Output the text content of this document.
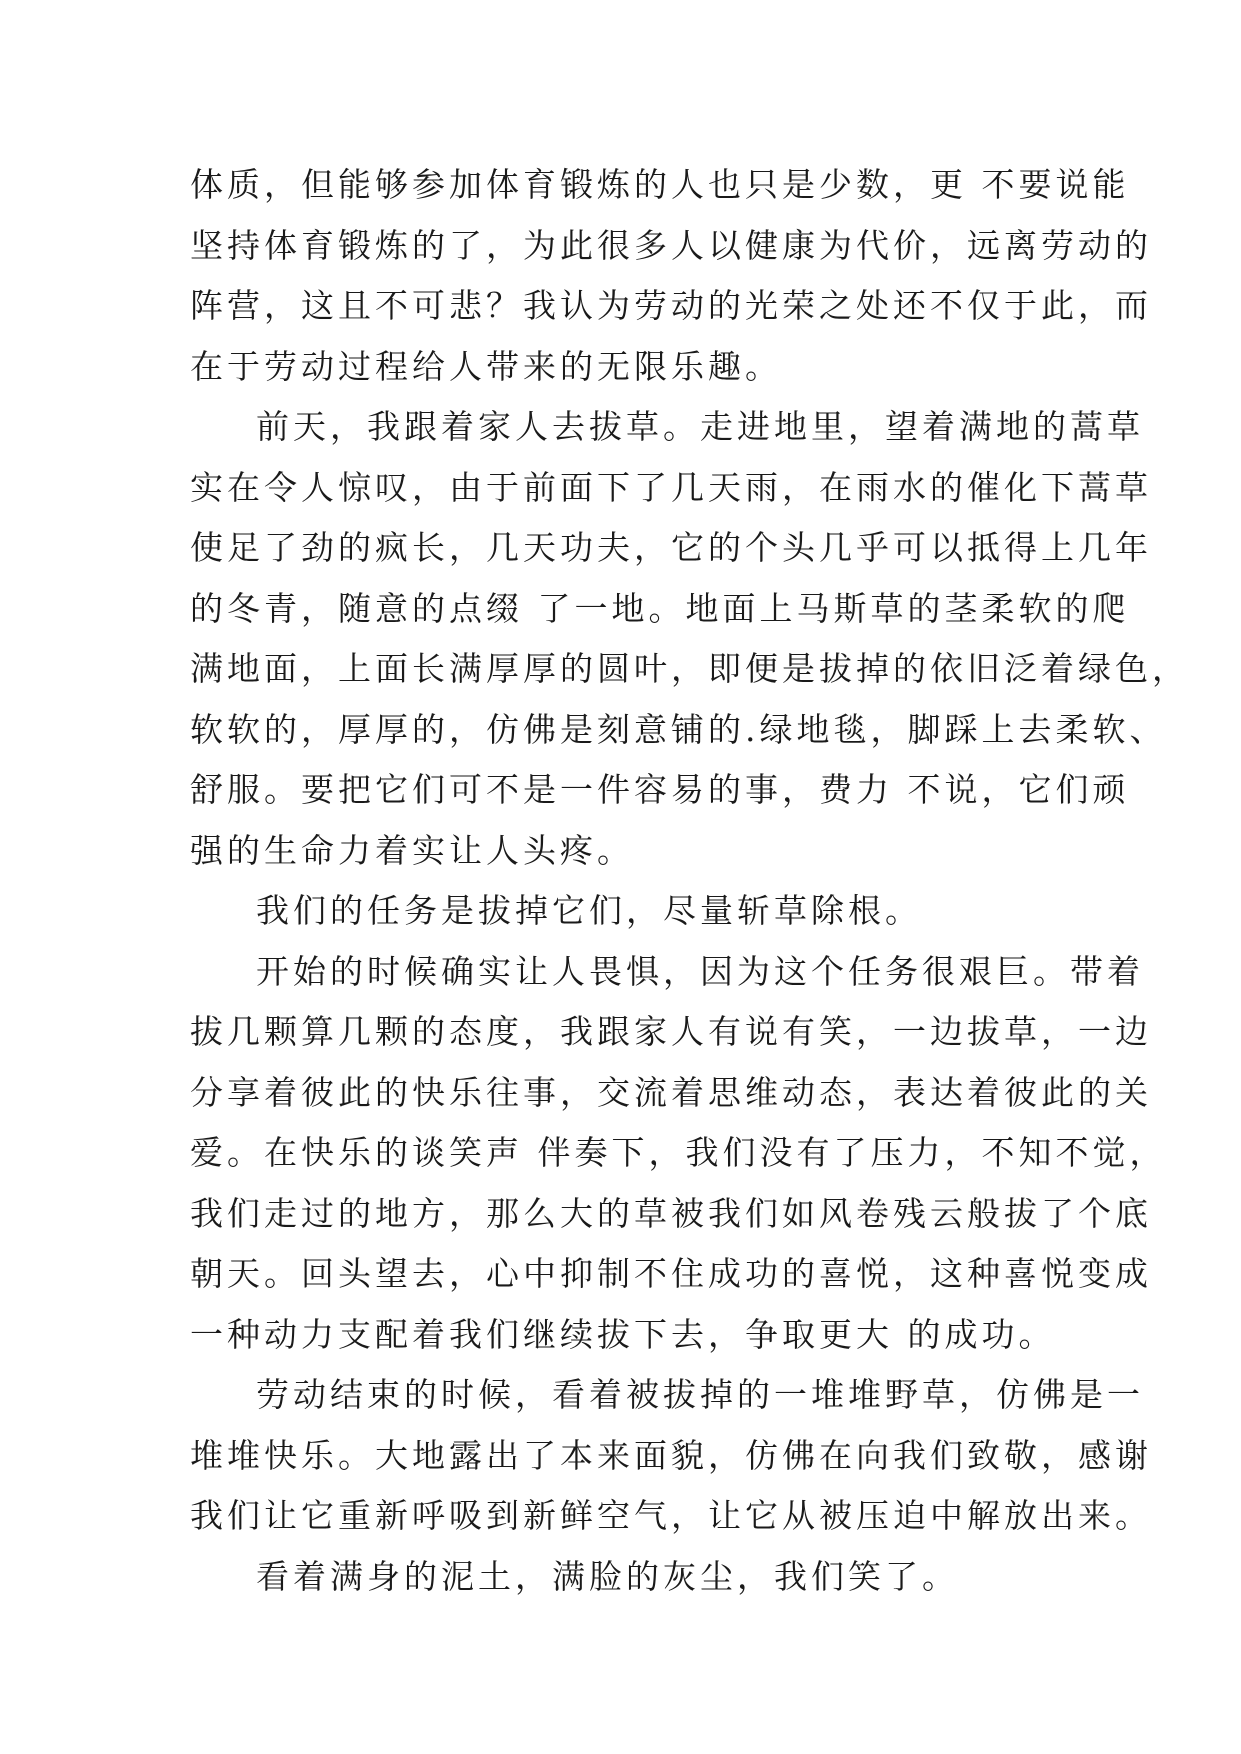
体质，但能够参加体育锻炼的人也只是少数，更 不要说能
坚持体育锻炼的了，为此很多人以健康为代价，远离劳动的
阵营，这且不可悲？我认为劳动的光荣之处还不仅于此，而
在于劳动过程给人带来的无限乐趣。
前天，我跟着家人去拔草。走进地里，望着满地的蒿草
实在令人惊叹，由于前面下了几天雨，在雨水的催化下蒿草
使足了劲的疯长，几天功夫，它的个头几乎可以抵得上几年
的冬青，随意的点缀 了一地。地面上马斯草的茎柔软的爬
满地面，上面长满厚厚的圆叶，即便是拔掉的依旧泛着绿色，
软软的，厚厚的，仿佛是刻意铺的.绿地毯，脚踩上去柔软、
舒服。要把它们可不是一件容易的事，费力 不说，它们顽
强的生命力着实让人头疼。
我们的任务是拔掉它们，尽量斩草除根。
开始的时候确实让人畏惧，因为这个任务很艰巨。带着
拔几颗算几颗的态度，我跟家人有说有笑，一边拔草，一边
分享着彼此的快乐往事，交流着思维动态，表达着彼此的关
爱。在快乐的谈笑声 伴奏下，我们没有了压力，不知不觉，
我们走过的地方，那么大的草被我们如风卷残云般拔了个底
朝天。回头望去，心中抑制不住成功的喜悦，这种喜悦变成
一种动力支配着我们继续拔下去，争取更大 的成功。
劳动结束的时候，看着被拔掉的一堆堆野草，仿佛是一
堆堆快乐。大地露出了本来面貌，仿佛在向我们致敬，感谢
我们让它重新呼吸到新鲜空气，让它从被压迫中解放出来。
看着满身的泥土，满脸的灰尘，我们笑了。
